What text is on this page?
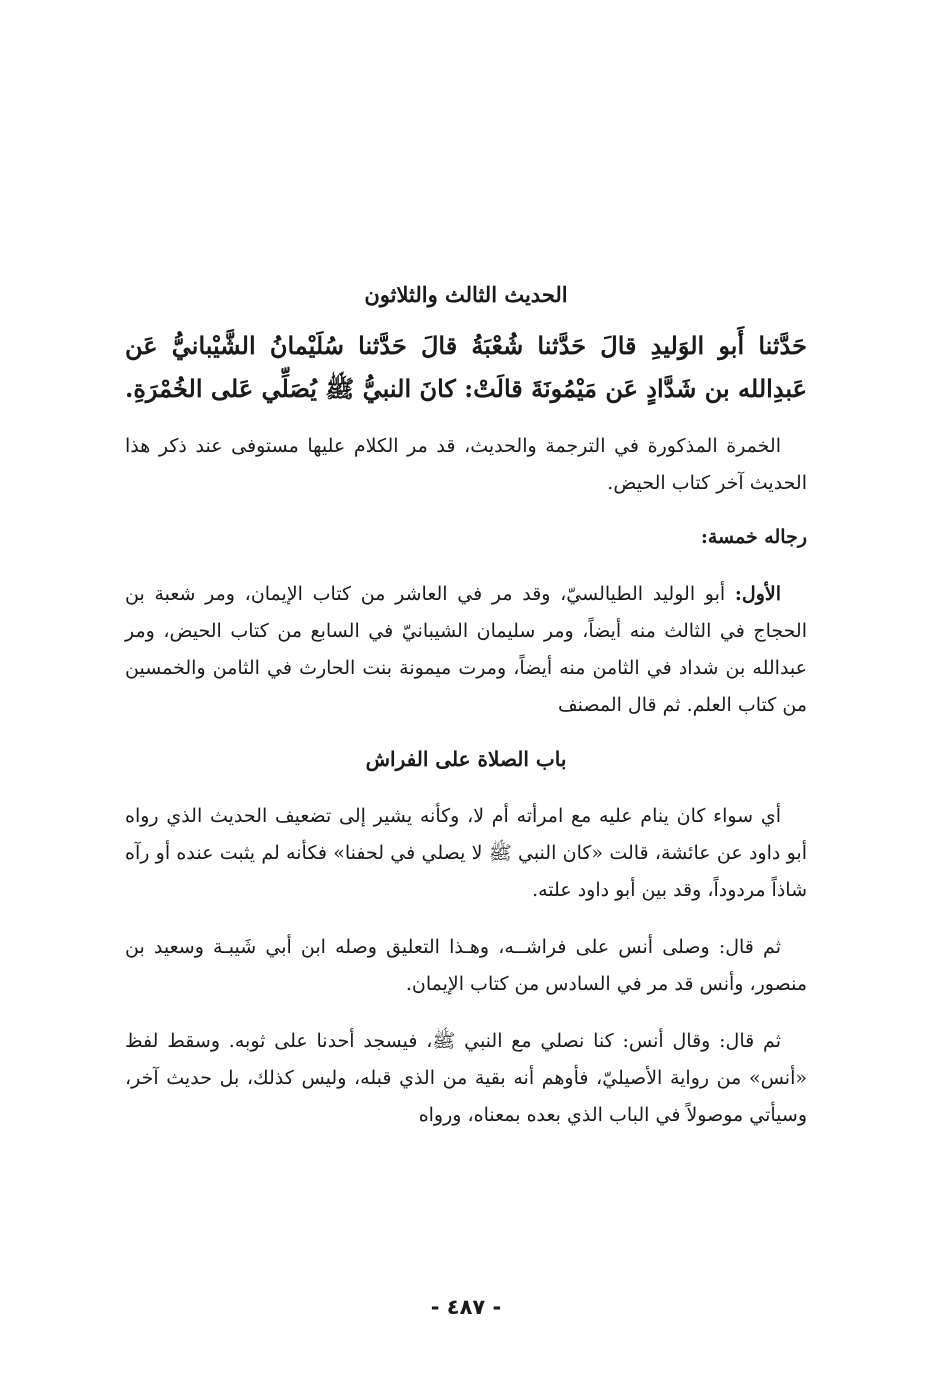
الحديث الثالث والثلاثون

حَدَّثنا أَبو الوَليدِ قالَ حَدَّثنا شُعْبَةُ قالَ حَدَّثنا سُلَيْمانُ الشَّيْبانيُّ عَن عَبدِالله بن شَدَّادٍ عَن مَيْمُونَةَ قالَتْ: كانَ النبيُّ ﷺ يُصَلِّي عَلى الخُمْرَةِ.

الخمرة المذكورة في الترجمة والحديث، قد مر الكلام عليها مستوفى عند ذكر هذا الحديث آخر كتاب الحيض.

رجاله خمسة:

الأول: أبو الوليد الطيالسيّ، وقد مر في العاشر من كتاب الإيمان، ومر شعبة بن الحجاج في الثالث منه أيضاً، ومر سليمان الشيبانيّ في السابع من كتاب الحيض، ومر عبدالله بن شداد في الثامن منه أيضاً، ومرت ميمونة بنت الحارث في الثامن والخمسين من كتاب العلم. ثم قال المصنف

باب الصلاة على الفراش

أي سواء كان ينام عليه مع امرأته أم لا، وكأنه يشير إلى تضعيف الحديث الذي رواه أبو داود عن عائشة، قالت «كان النبي ﷺ لا يصلي في لحفنا» فكأنه لم يثبت عنده أو رآه شاذاً مردوداً، وقد بين أبو داود علته.

ثم قال: وصلى أنس على فراشــه، وهـذا التعليق وصله ابن أبي شَيبـة وسعيد بن منصور، وأنس قد مر في السادس من كتاب الإيمان.

ثم قال: وقال أنس: كنا نصلي مع النبي ﷺ، فيسجد أحدنا على ثوبه. وسقط لفظ «أنس» من رواية الأصيليّ، فأوهم أنه بقية من الذي قبله، وليس كذلك، بل حديث آخر، وسيأتي موصولاً في الباب الذي بعده بمعناه، ورواه

- ٤٨٧ -
